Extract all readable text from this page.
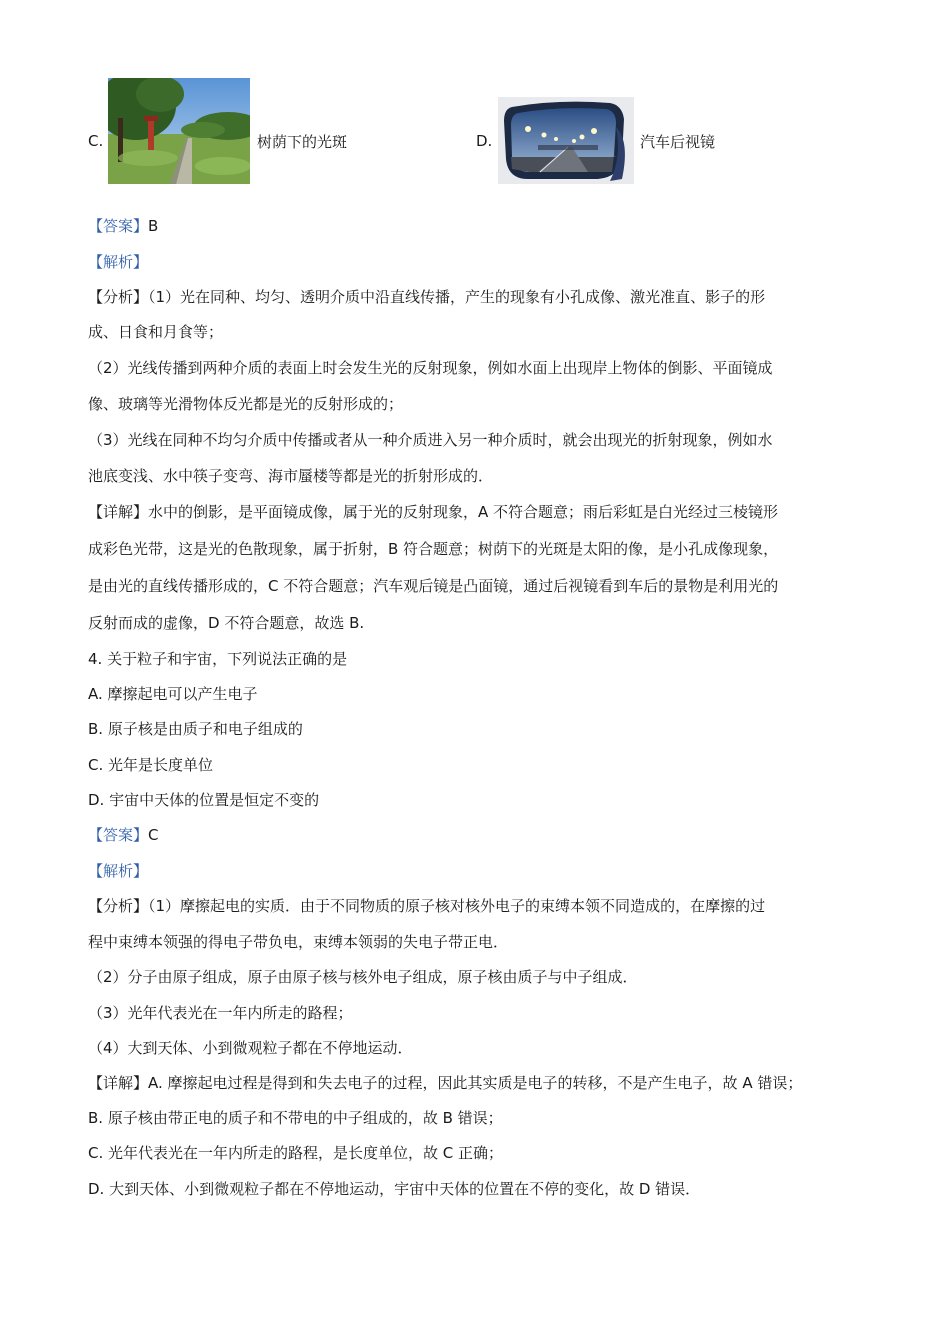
C.	树荫下的光斑	D.	汽车后视镜
【答案】B
【解析】
【分析】（1）光在同种、均匀、透明介质中沿直线传播，产生的现象有小孔成像、激光准直、影子的形
成、日食和月食等；
（2）光线传播到两种介质的表面上时会发生光的反射现象，例如水面上出现岸上物体的倒影、平面镜成
像、玻璃等光滑物体反光都是光的反射形成的；
（3）光线在同种不均匀介质中传播或者从一种介质进入另一种介质时，就会出现光的折射现象，例如水
池底变浅、水中筷子变弯、海市蜃楼等都是光的折射形成的．
【详解】水中的倒影，是平面镜成像，属于光的反射现象，A 不符合题意；雨后彩虹是白光经过三棱镜形
成彩色光带，这是光的色散现象，属于折射，B 符合题意；树荫下的光斑是太阳的像，是小孔成像现象，
是由光的直线传播形成的，C 不符合题意；汽车观后镜是凸面镜，通过后视镜看到车后的景物是利用光的
反射而成的虚像，D 不符合题意，故选 B.
4. 关于粒子和宇宙，下列说法正确的是
A. 摩擦起电可以产生电子
B. 原子核是由质子和电子组成的
C. 光年是长度单位
D. 宇宙中天体的位置是恒定不变的
【答案】C
【解析】
【分析】（1）摩擦起电的实质．由于不同物质的原子核对核外电子的束缚本领不同造成的，在摩擦的过
程中束缚本领强的得电子带负电，束缚本领弱的失电子带正电．
（2）分子由原子组成，原子由原子核与核外电子组成，原子核由质子与中子组成．
（3）光年代表光在一年内所走的路程；
（4）大到天体、小到微观粒子都在不停地运动．
【详解】A. 摩擦起电过程是得到和失去电子的过程，因此其实质是电子的转移，不是产生电子，故 A 错误；
B. 原子核由带正电的质子和不带电的中子组成的，故 B 错误；
C. 光年代表光在一年内所走的路程，是长度单位，故 C 正确；
D. 大到天体、小到微观粒子都在不停地运动，宇宙中天体的位置在不停的变化，故 D 错误．
